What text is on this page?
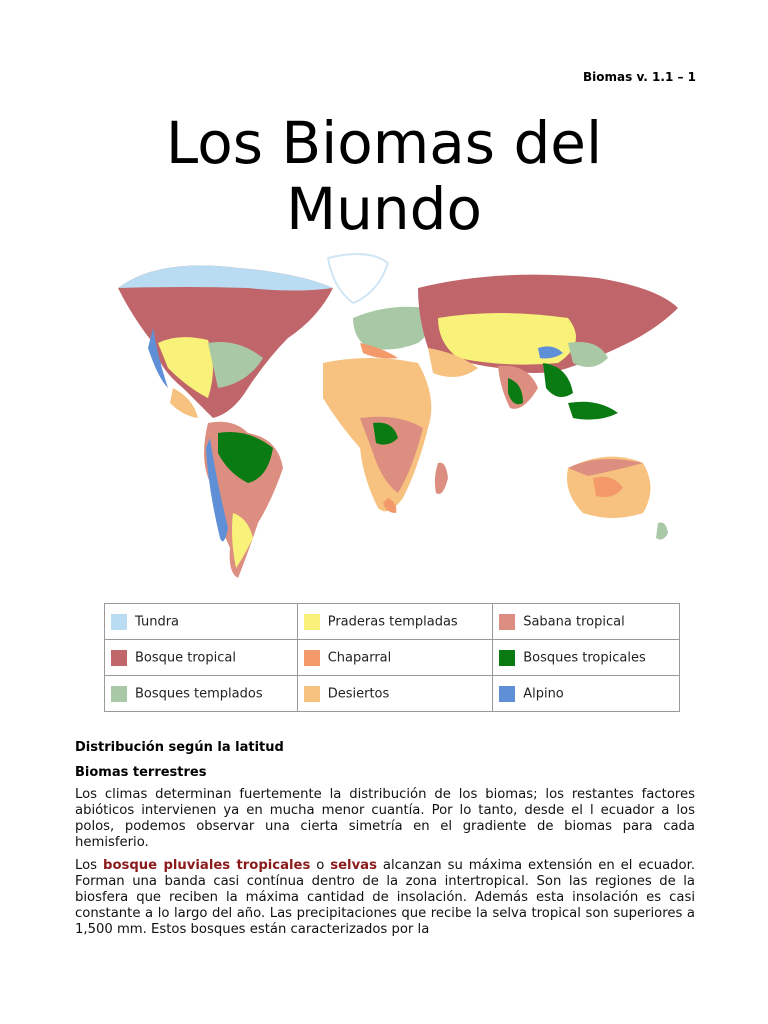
Biomas v. 1.1 – 1
Los Biomas del
Mundo
Tundra	Praderas templadas	Sabana tropical
Bosque tropical	Chaparral	Bosques tropicales
Bosques templados	Desiertos	Alpino
Distribución según la latitud
Biomas terrestres

Los climas determinan fuertemente la distribución de los biomas; los restantes factores abióticos intervienen ya en mucha menor cuantía. Por lo tanto, desde el l ecuador a los polos, podemos observar una cierta simetría en el gradiente de biomas para cada hemisferio.

Los bosque pluviales tropicales o selvas alcanzan su máxima extensión en el ecuador. Forman una banda casi contínua dentro de la zona intertropical. Son las regiones de la biosfera que reciben la máxima cantidad de insolación. Además esta insolación es casi constante a lo largo del año. Las precipitaciones que recibe la selva tropical son superiores a 1,500 mm. Estos bosques están caracterizados por la
